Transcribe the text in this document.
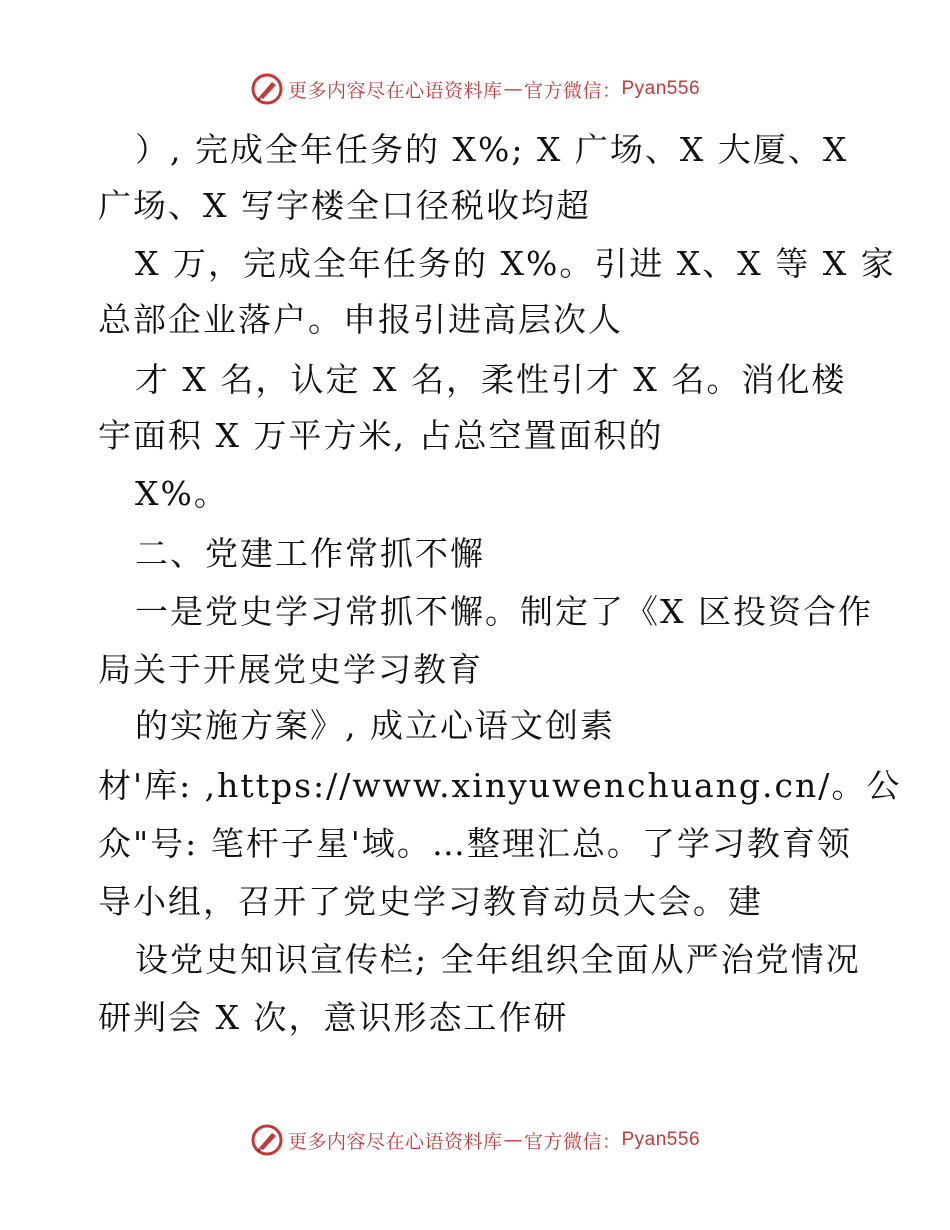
更多内容尽在心语资料库 — 官方微信： Pyan556
）, 完成全年任务的 X%; X 广场、X 大厦、X
广场、X 写字楼全口径税收均超
X 万，完成全年任务的 X%。引进 X、X 等 X 家
总部企业落户。申报引进高层次人
才 X 名，认定 X 名，柔性引才 X 名。消化楼
宇面积 X 万平方米, 占总空置面积的
X%。
二、党建工作常抓不懈
一是党史学习常抓不懈。制定了《X 区投资合作
局关于开展党史学习教育
的实施方案》, 成立心语文创素
材'库: ,https://www.xinyuwenchuang.cn/。公
众"号: 笔杆子星'域。…整理汇总。了学习教育领
导小组，召开了党史学习教育动员大会。建
设党史知识宣传栏; 全年组织全面从严治党情况
研判会 X 次，意识形态工作研
更多内容尽在心语资料库 — 官方微信： Pyan556
